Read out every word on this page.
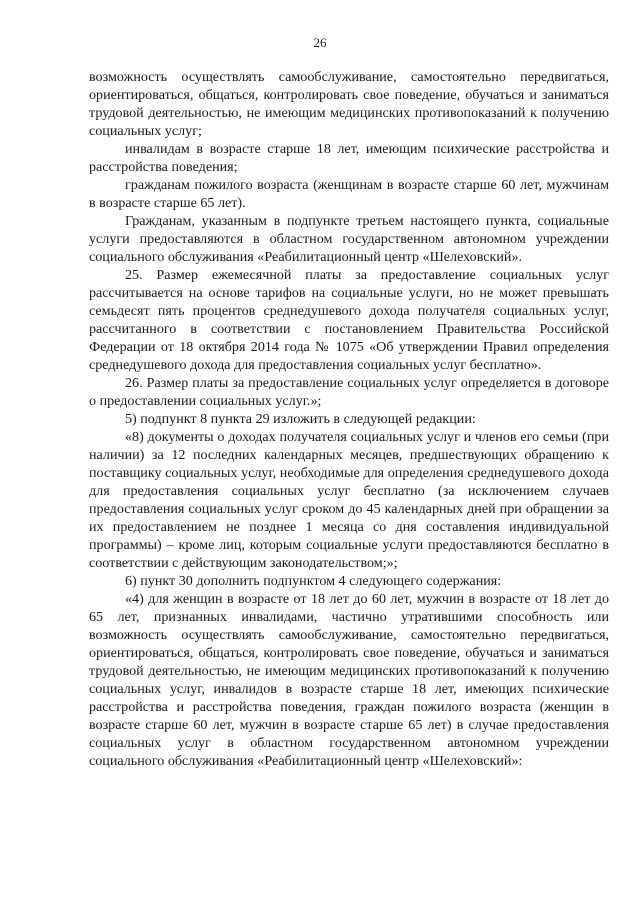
26

возможность осуществлять самообслуживание, самостоятельно передвигаться, ориентироваться, общаться, контролировать свое поведение, обучаться и заниматься трудовой деятельностью, не имеющим медицинских противопоказаний к получению социальных услуг;

инвалидам в возрасте старше 18 лет, имеющим психические расстройства и расстройства поведения;

гражданам пожилого возраста (женщинам в возрасте старше 60 лет, мужчинам в возрасте старше 65 лет).

Гражданам, указанным в подпункте третьем настоящего пункта, социальные услуги предоставляются в областном государственном автономном учреждении социального обслуживания «Реабилитационный центр «Шелеховский».

25. Размер ежемесячной платы за предоставление социальных услуг рассчитывается на основе тарифов на социальные услуги, но не может превышать семьдесят пять процентов среднедушевого дохода получателя социальных услуг, рассчитанного в соответствии с постановлением Правительства Российской Федерации от 18 октября 2014 года № 1075 «Об утверждении Правил определения среднедушевого дохода для предоставления социальных услуг бесплатно».

26. Размер платы за предоставление социальных услуг определяется в договоре о предоставлении социальных услуг.»;

5) подпункт 8 пункта 29 изложить в следующей редакции:

«8) документы о доходах получателя социальных услуг и членов его семьи (при наличии) за 12 последних календарных месяцев, предшествующих обращению к поставщику социальных услуг, необходимые для определения среднедушевого дохода для предоставления социальных услуг бесплатно (за исключением случаев предоставления социальных услуг сроком до 45 календарных дней при обращении за их предоставлением не позднее 1 месяца со дня составления индивидуальной программы) – кроме лиц, которым социальные услуги предоставляются бесплатно в соответствии с действующим законодательством;»;

6) пункт 30 дополнить подпунктом 4 следующего содержания:

«4) для женщин в возрасте от 18 лет до 60 лет, мужчин в возрасте от 18 лет до 65 лет, признанных инвалидами, частично утратившими способность или возможность осуществлять самообслуживание, самостоятельно передвигаться, ориентироваться, общаться, контролировать свое поведение, обучаться и заниматься трудовой деятельностью, не имеющим медицинских противопоказаний к получению социальных услуг, инвалидов в возрасте старше 18 лет, имеющих психические расстройства и расстройства поведения, граждан пожилого возраста (женщин в возрасте старше 60 лет, мужчин в возрасте старше 65 лет) в случае предоставления социальных услуг в областном государственном автономном учреждении социального обслуживания «Реабилитационный центр «Шелеховский»:
